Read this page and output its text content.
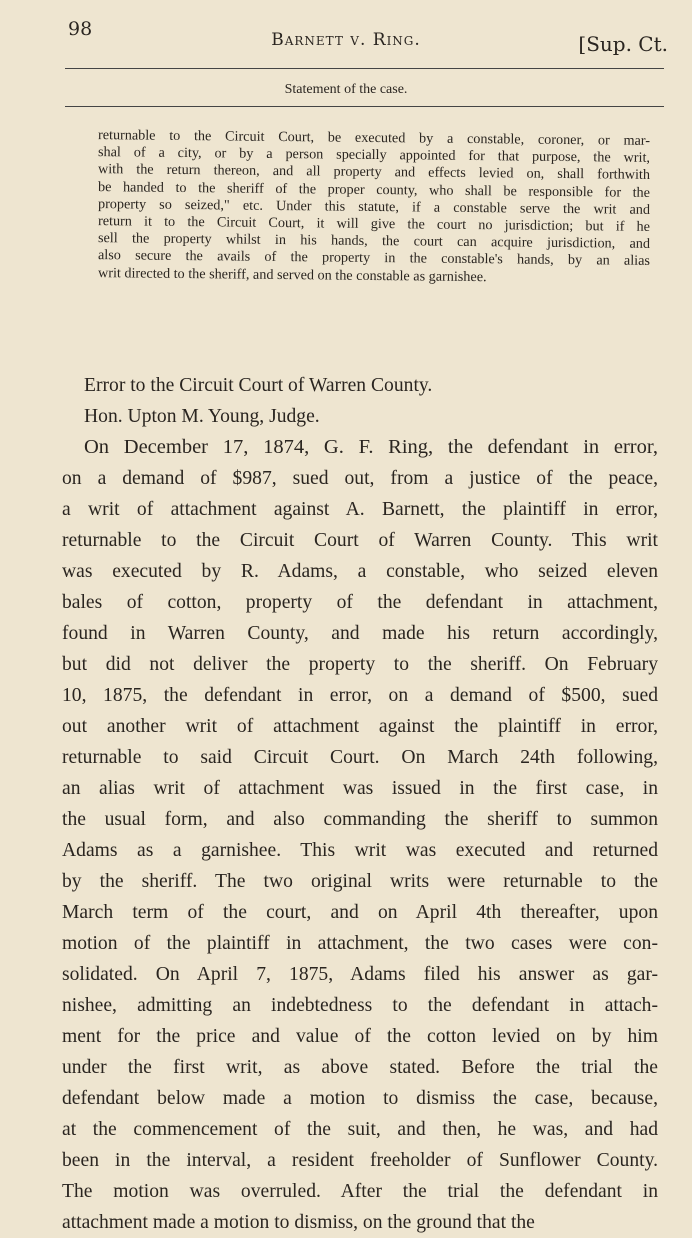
98	Barnett v. Ring.	[Sup. Ct.
Statement of the case.
returnable to the Circuit Court, be executed by a constable, coroner, or mar-
shal of a city, or by a person specially appointed for that purpose, the writ,
with the return thereon, and all property and effects levied on, shall forthwith
be handed to the sheriff of the proper county, who shall be responsible for the
property so seized," etc. Under this statute, if a constable serve the writ and
return it to the Circuit Court, it will give the court no jurisdiction; but if he
sell the property whilst in his hands, the court can acquire jurisdiction, and
also secure the avails of the property in the constable's hands, by an alias
writ directed to the sheriff, and served on the constable as garnishee.
Error to the Circuit Court of Warren County.
Hon. Upton M. Young, Judge.
On December 17, 1874, G. F. Ring, the defendant in error,
on a demand of $987, sued out, from a justice of the peace,
a writ of attachment against A. Barnett, the plaintiff in error,
returnable to the Circuit Court of Warren County. This writ
was executed by R. Adams, a constable, who seized eleven
bales of cotton, property of the defendant in attachment,
found in Warren County, and made his return accordingly,
but did not deliver the property to the sheriff. On February
10, 1875, the defendant in error, on a demand of $500, sued
out another writ of attachment against the plaintiff in error,
returnable to said Circuit Court. On March 24th following,
an alias writ of attachment was issued in the first case, in
the usual form, and also commanding the sheriff to summon
Adams as a garnishee. This writ was executed and returned
by the sheriff. The two original writs were returnable to the
March term of the court, and on April 4th thereafter, upon
motion of the plaintiff in attachment, the two cases were con-
solidated. On April 7, 1875, Adams filed his answer as gar-
nishee, admitting an indebtedness to the defendant in attach-
ment for the price and value of the cotton levied on by him
under the first writ, as above stated. Before the trial the
defendant below made a motion to dismiss the case, because,
at the commencement of the suit, and then, he was, and had
been in the interval, a resident freeholder of Sunflower County.
The motion was overruled. After the trial the defendant in
attachment made a motion to dismiss, on the ground that the
